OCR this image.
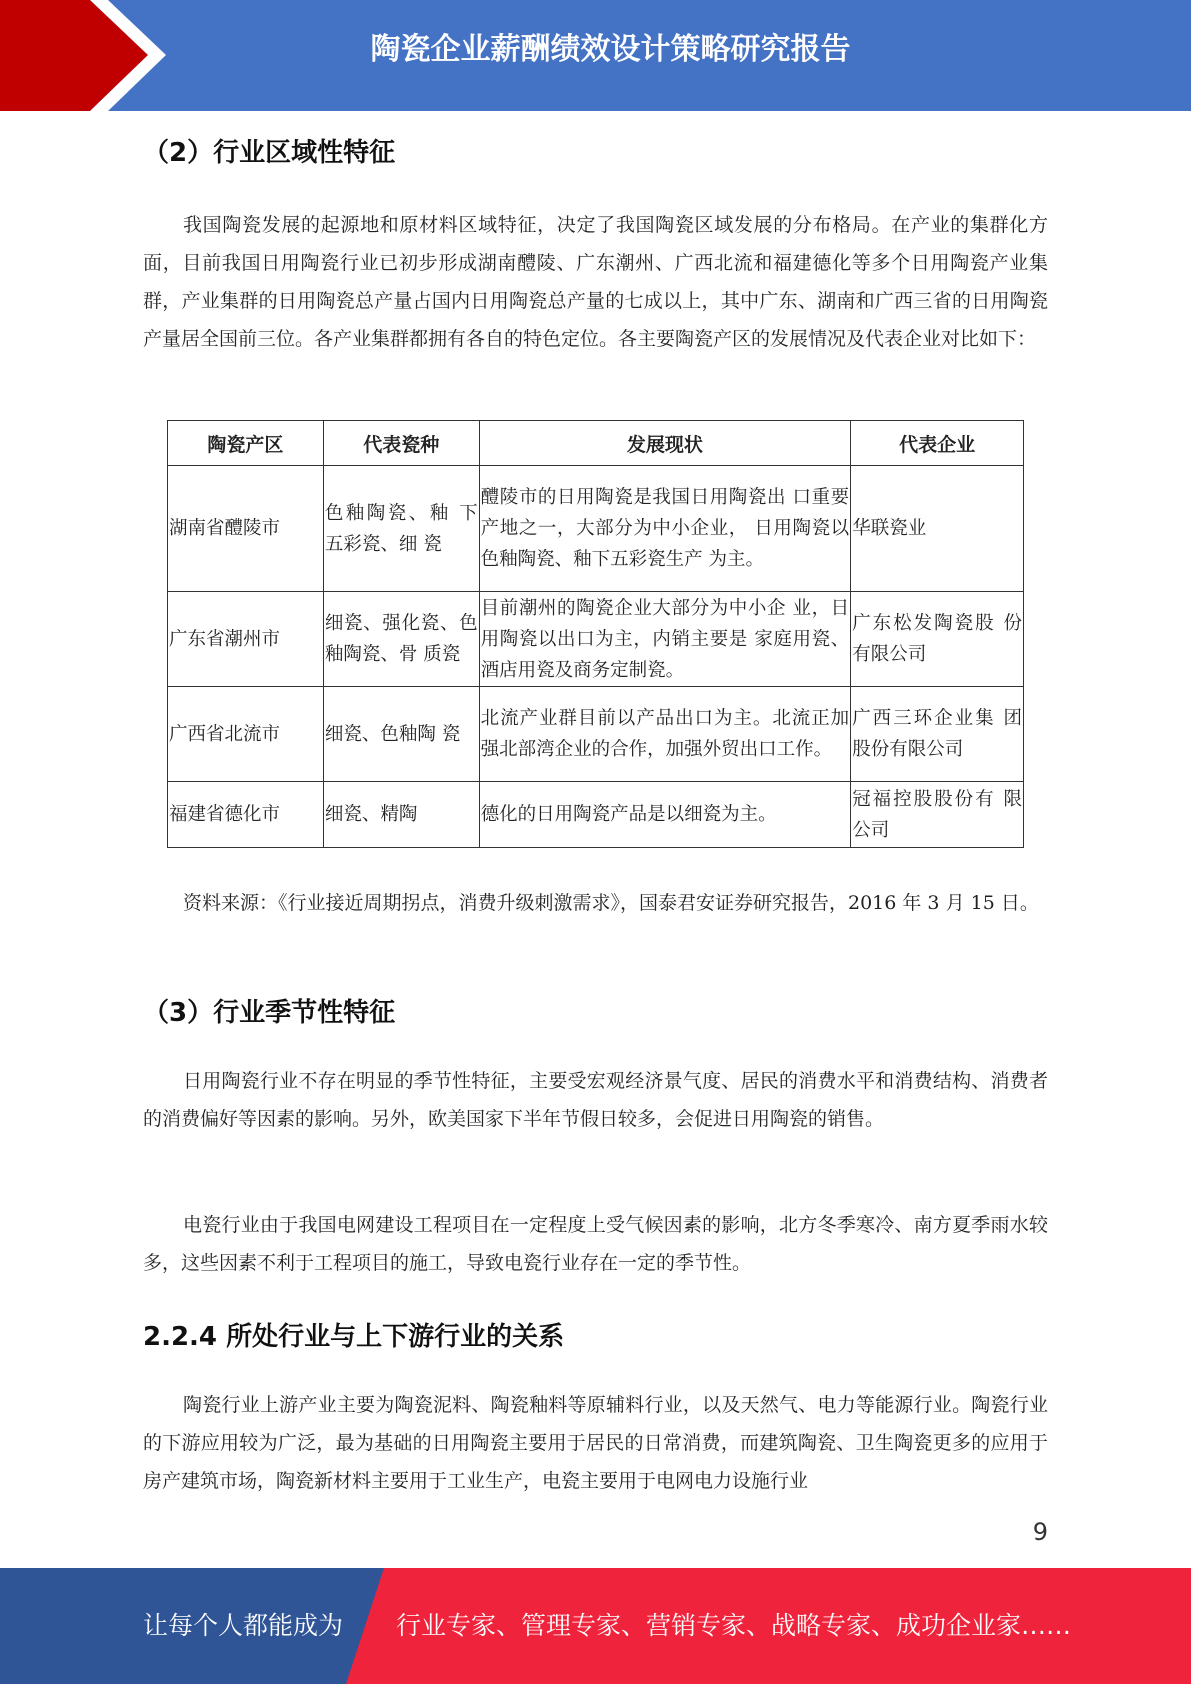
陶瓷企业薪酬绩效设计策略研究报告
（2）行业区域性特征

我国陶瓷发展的起源地和原材料区域特征，决定了我国陶瓷区域发展的分布格局。在产业的集群化方面，目前我国日用陶瓷行业已初步形成湖南醴陵、广东潮州、广西北流和福建德化等多个日用陶瓷产业集群，产业集群的日用陶瓷总产量占国内日用陶瓷总产量的七成以上，其中广东、湖南和广西三省的日用陶瓷产量居全国前三位。各产业集群都拥有各自的特色定位。各主要陶瓷产区的发展情况及代表企业对比如下：

陶瓷产区	代表瓷种	发展现状	代表企业
湖南省醴陵市	色釉陶瓷、釉 下五彩瓷、细 瓷	醴陵市的日用陶瓷是我国日用陶瓷出 口重要产地之一，大部分为中小企业， 日用陶瓷以色釉陶瓷、釉下五彩瓷生产 为主。	华联瓷业
广东省潮州市	细瓷、强化瓷、色釉陶瓷、骨 质瓷	目前潮州的陶瓷企业大部分为中小企 业，日用陶瓷以出口为主，内销主要是 家庭用瓷、酒店用瓷及商务定制瓷。	广东松发陶瓷股 份有限公司
广西省北流市	细瓷、色釉陶 瓷	北流产业群目前以产品出口为主。北流正加强北部湾企业的合作，加强外贸出口工作。	广西三环企业集 团股份有限公司
福建省德化市	细瓷、精陶	德化的日用陶瓷产品是以细瓷为主。	冠福控股股份有 限公司

资料来源：《行业接近周期拐点，消费升级刺激需求》，国泰君安证券研究报告，2016 年 3 月 15 日。

（3）行业季节性特征

日用陶瓷行业不存在明显的季节性特征，主要受宏观经济景气度、居民的消费水平和消费结构、消费者的消费偏好等因素的影响。另外，欧美国家下半年节假日较多，会促进日用陶瓷的销售。

电瓷行业由于我国电网建设工程项目在一定程度上受气候因素的影响，北方冬季寒冷、南方夏季雨水较多，这些因素不利于工程项目的施工，导致电瓷行业存在一定的季节性。

2.2.4 所处行业与上下游行业的关系

陶瓷行业上游产业主要为陶瓷泥料、陶瓷釉料等原辅料行业，以及天然气、电力等能源行业。陶瓷行业的下游应用较为广泛，最为基础的日用陶瓷主要用于居民的日常消费，而建筑陶瓷、卫生陶瓷更多的应用于房产建筑市场，陶瓷新材料主要用于工业生产，电瓷主要用于电网电力设施行业

9
让每个人都能成为 行业专家、管理专家、营销专家、战略专家、成功企业家……
